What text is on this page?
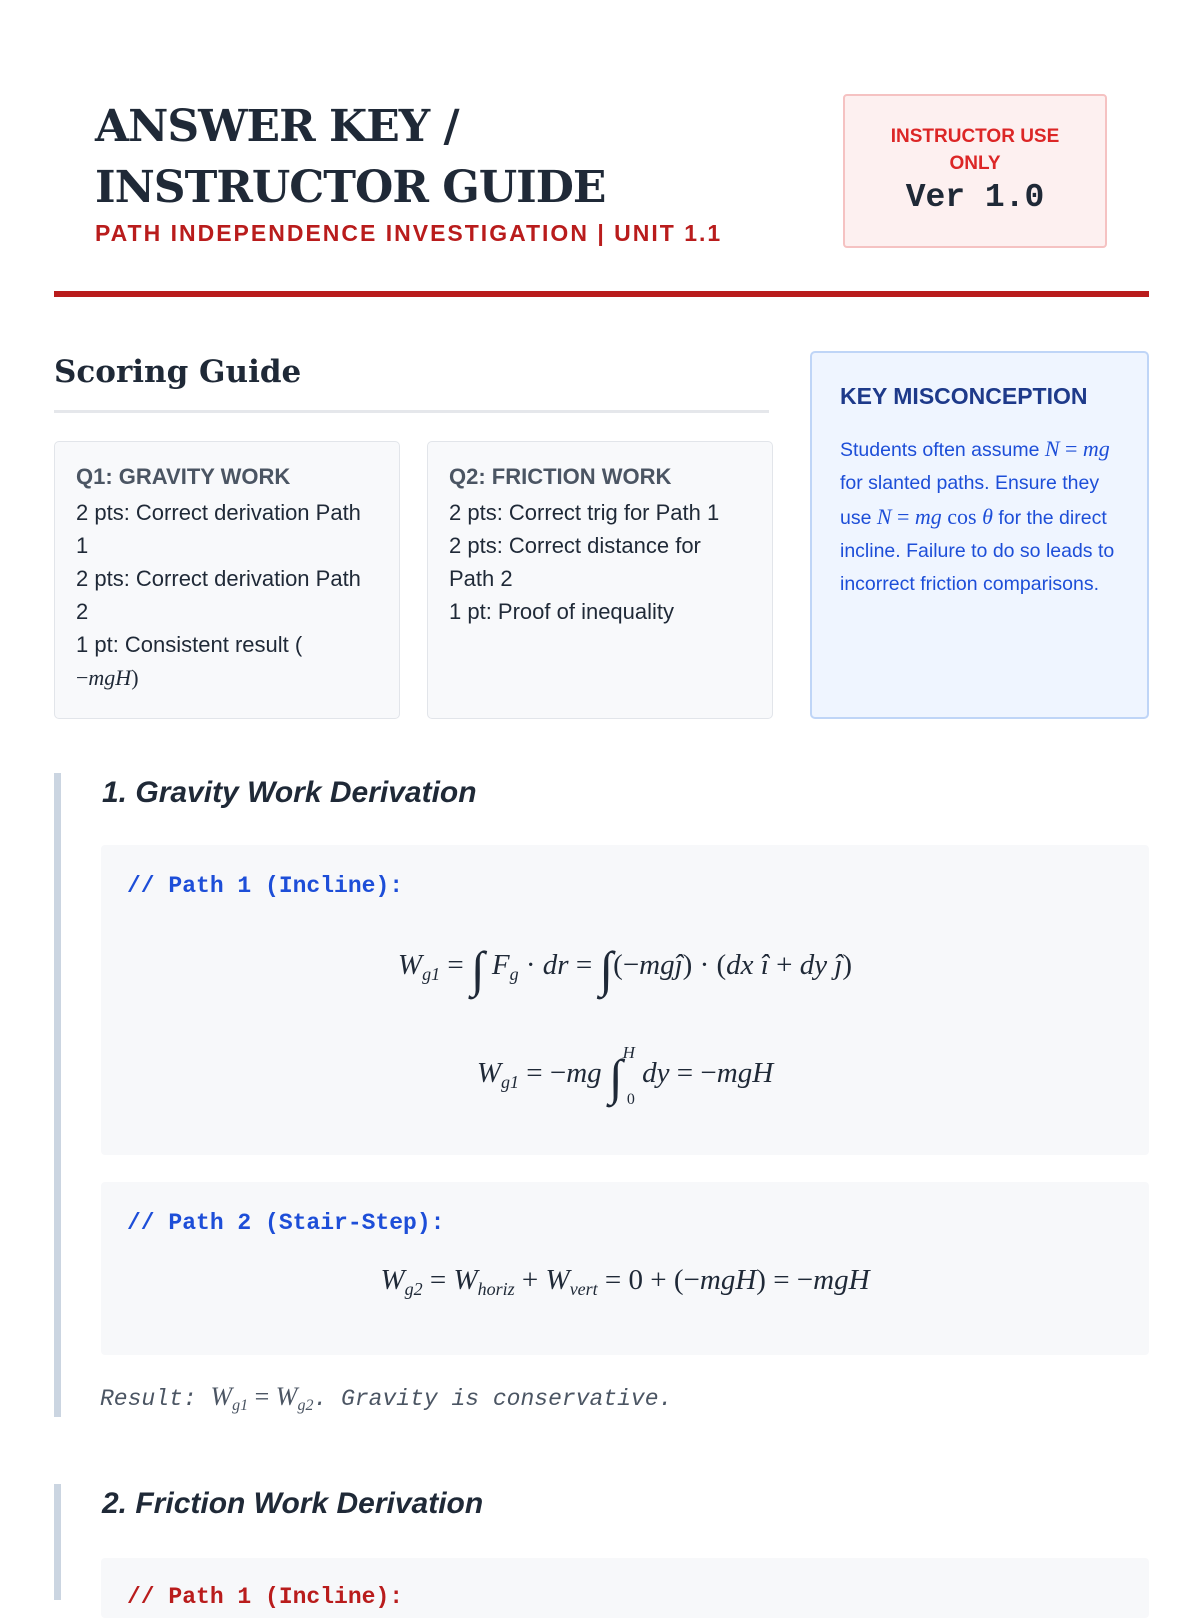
ANSWER KEY / INSTRUCTOR GUIDE
PATH INDEPENDENCE INVESTIGATION | UNIT 1.1
INSTRUCTOR USE ONLY
Ver 1.0
Scoring Guide
Q1: GRAVITY WORK
2 pts: Correct derivation Path 1
2 pts: Correct derivation Path 2
1 pt: Consistent result (
−mgH)
Q2: FRICTION WORK
2 pts: Correct trig for Path 1
2 pts: Correct distance for Path 2
1 pt: Proof of inequality
KEY MISCONCEPTION
Students often assume N = mg for slanted paths. Ensure they use N = mg cos θ for the direct incline. Failure to do so leads to incorrect friction comparisons.
1. Gravity Work Derivation
// Path 1 (Incline):
$W_{g1}$ = ∫ $F_g$ · dr = ∫(−mgĵ) · (dx î + dy ĵ)
$W_{g1} = -mg$ ∫$^H_0$ dy = −mgH
// Path 2 (Stair-Step):
$W_{g2} = W_{horiz} + W_{vert} = 0 + (-mgH) = -mgH$
Result: $W_{g1} = W_{g2}$. Gravity is conservative.
2. Friction Work Derivation
// Path 1 (Incline):
